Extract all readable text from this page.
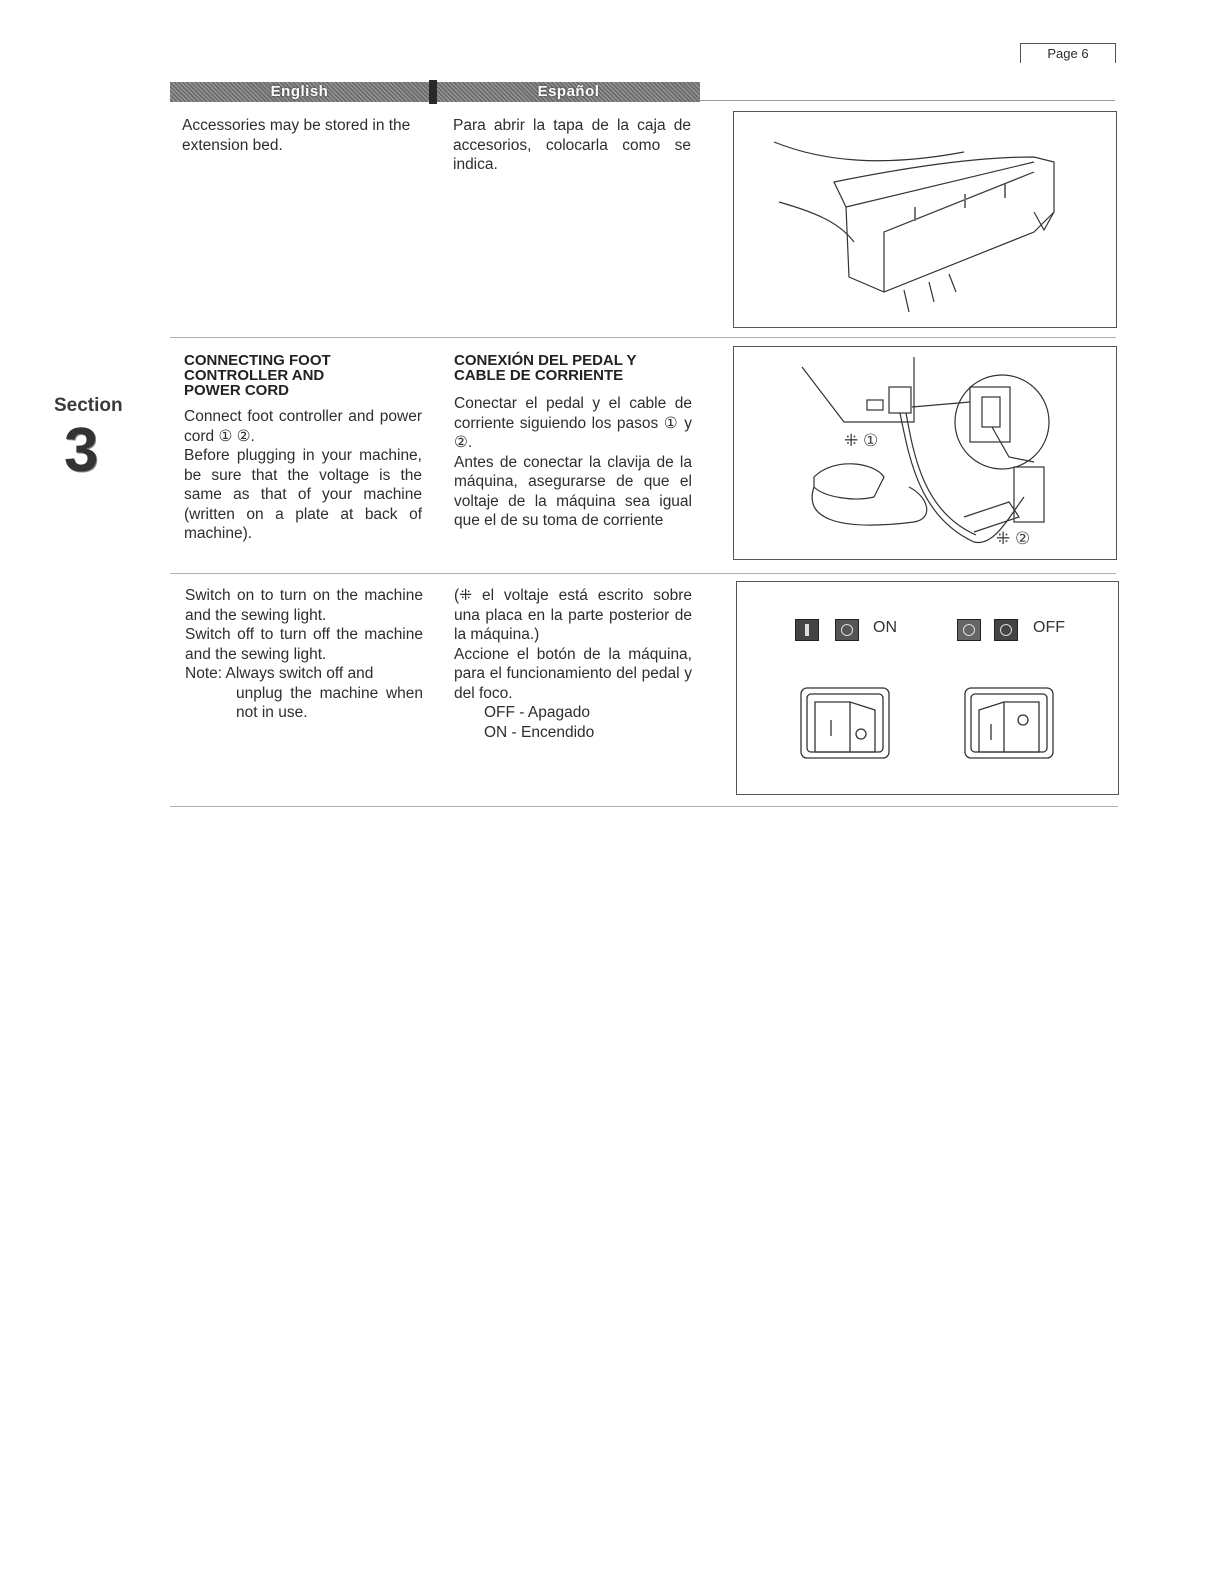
Page 6
English	Español
Section
3

Accessories may be stored in the extension bed.

Para abrir la tapa de la caja de accesorios, colocarla como se indica.

CONNECTING FOOT

CONTROLLER AND

POWER CORD

Connect foot controller and power cord ① ②.

Before plugging in your machine, be sure that the voltage is the same as that of your machine (written on a plate at back of machine).

CONEXIÓN DEL PEDAL Y

CABLE DE CORRIENTE

Conectar el pedal y el cable de corriente siguiendo los pasos ① y ②.

Antes de conectar la clavija de la máquina, asegurarse de que el voltaje de la máquina sea igual que el de su toma de corriente

⁜ ①
⁜ ②

Switch on to turn on the machine and the sewing light.

Switch off to turn off the machine and the sewing light.

Note: Always switch off and

unplug the machine when not in use.

(⁜ el voltaje está escrito sobre una placa en la parte posterior de la máquina.)

Accione el botón de la máquina, para el funcionamiento del pedal y del foco.

OFF - Apagado

ON - Encendido

ON	OFF
